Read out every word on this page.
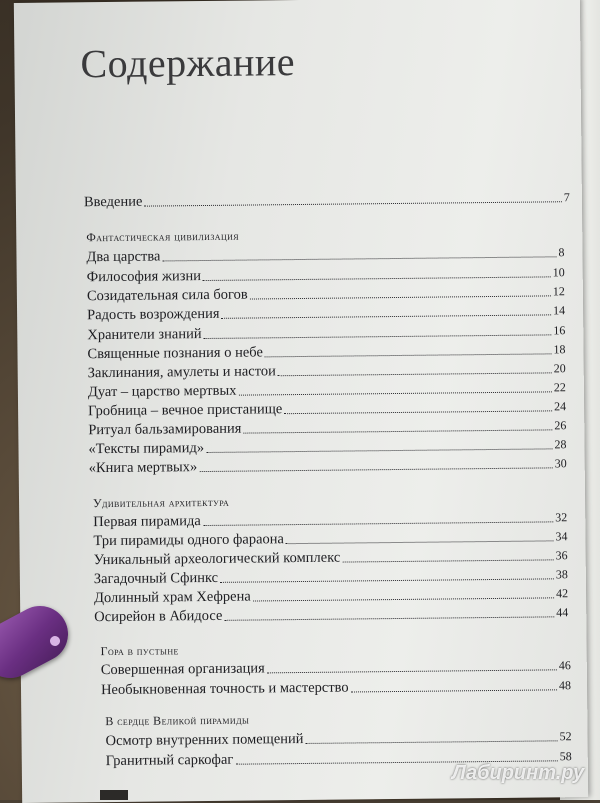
Содержание
Введение	7
Фантастическая цивилизация
Два царства	8
Философия жизни	10
Созидательная сила богов	12
Радость возрождения	14
Хранители знаний	16
Священные познания о небе	18
Заклинания, амулеты и настои	20
Дуат – царство мертвых	22
Гробница – вечное пристанище	24
Ритуал бальзамирования	26
«Тексты пирамид»	28
«Книга мертвых»	30
Удивительная архитектура
Первая пирамида	32
Три пирамиды одного фараона	34
Уникальный археологический комплекс	36
Загадочный Сфинкс	38
Долинный храм Хефрена	42
Осирейон в Абидосе	44
Гора в пустыне
Совершенная организация	46
Необыкновенная точность и мастерство	48
В сердце Великой пирамиды
Осмотр внутренних помещений	52
Гранитный саркофаг	58
Лабиринт.ру
